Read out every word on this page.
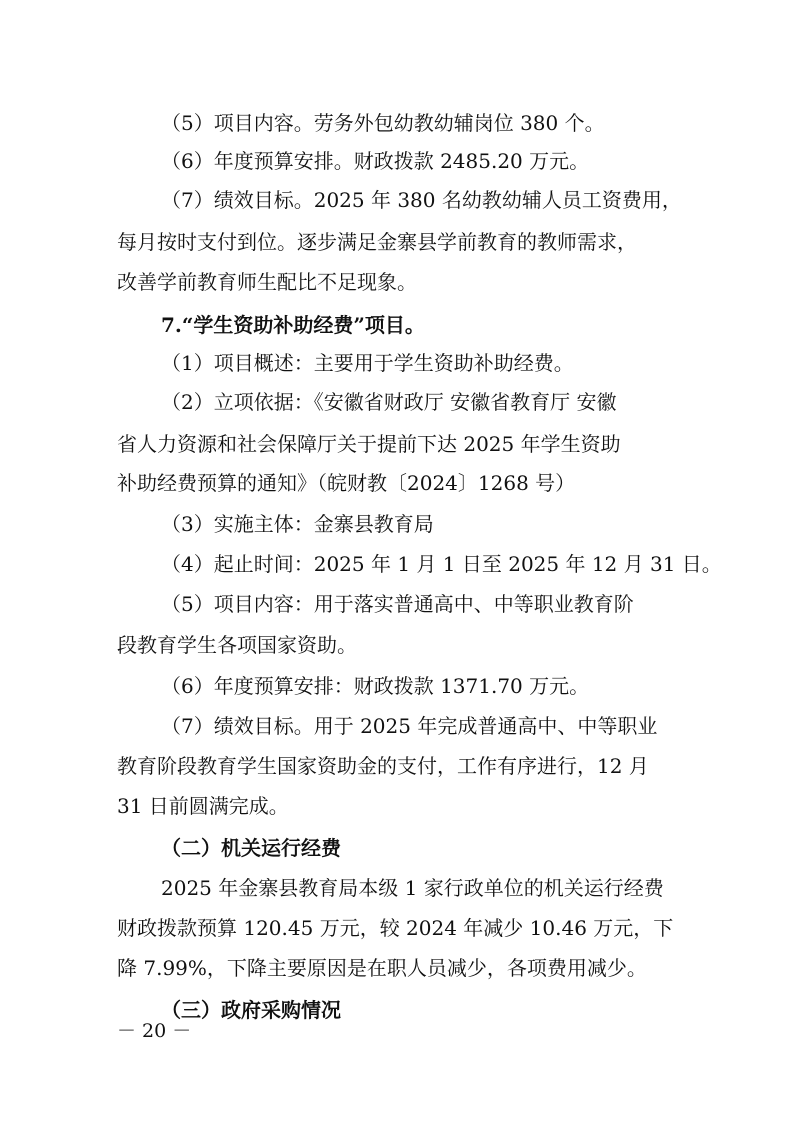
（5）项目内容。劳务外包幼教幼辅岗位 380 个。
（6）年度预算安排。财政拨款 2485.20 万元。
（7）绩效目标。2025 年 380 名幼教幼辅人员工资费用，
每月按时支付到位。逐步满足金寨县学前教育的教师需求，
改善学前教育师生配比不足现象。
7.“学生资助补助经费”项目。
（1）项目概述：主要用于学生资助补助经费。
（2）立项依据：《安徽省财政厅 安徽省教育厅 安徽
省人力资源和社会保障厅关于提前下达 2025 年学生资助
补助经费预算的通知》（皖财教〔2024〕1268 号）
（3）实施主体：金寨县教育局
（4）起止时间：2025 年 1 月 1 日至 2025 年 12 月 31 日。
（5）项目内容：用于落实普通高中、中等职业教育阶
段教育学生各项国家资助。
（6）年度预算安排：财政拨款 1371.70 万元。
（7）绩效目标。用于 2025 年完成普通高中、中等职业
教育阶段教育学生国家资助金的支付，工作有序进行，12 月
31 日前圆满完成。
（二）机关运行经费
2025 年金寨县教育局本级 1 家行政单位的机关运行经费
财政拨款预算 120.45 万元，较 2024 年减少 10.46 万元，下
降 7.99%，下降主要原因是在职人员减少，各项费用减少。
（三）政府采购情况
－ 20 －
